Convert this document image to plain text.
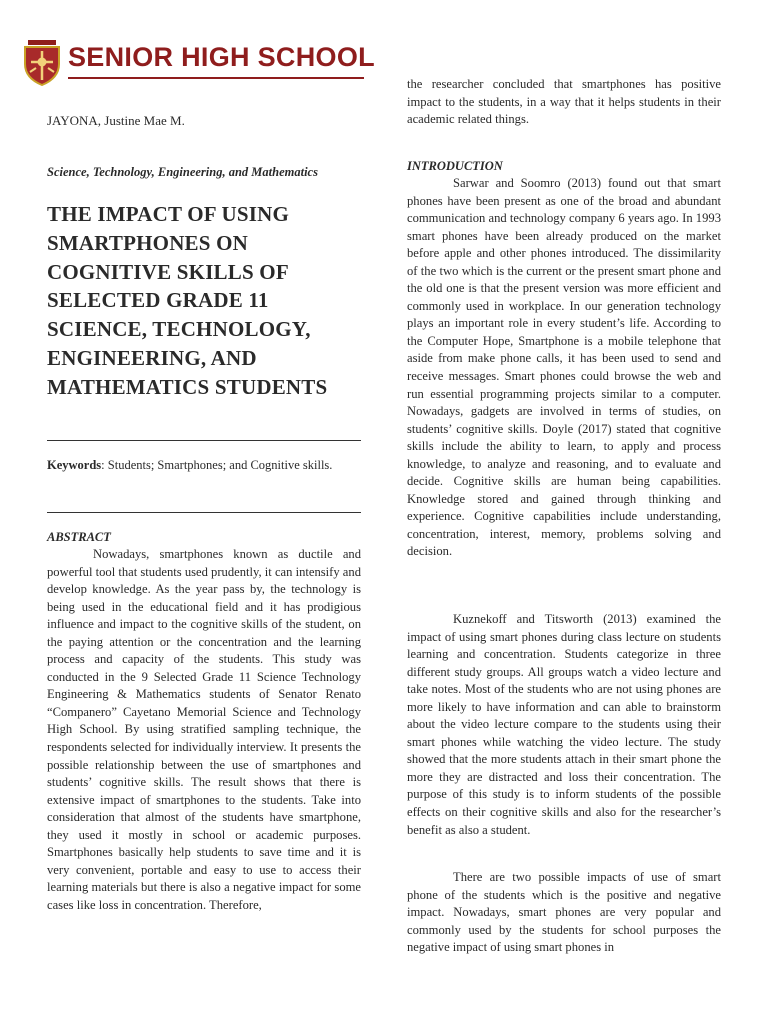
SENIOR HIGH SCHOOL
JAYONA, Justine Mae M.
Science, Technology, Engineering, and Mathematics
THE IMPACT OF USING
SMARTPHONES ON
COGNITIVE SKILLS OF
SELECTED GRADE 11
SCIENCE, TECHNOLOGY,
ENGINEERING, AND
MATHEMATICS STUDENTS
Keywords: Students; Smartphones; and Cognitive skills.
ABSTRACT

Nowadays, smartphones known as ductile and powerful tool that students used prudently, it can intensify and develop knowledge. As the year pass by, the technology is being used in the educational field and it has prodigious influence and impact to the cognitive skills of the student, on the paying attention or the concentration and the learning process and capacity of the students. This study was conducted in the 9 Selected Grade 11 Science Technology Engineering & Mathematics students of Senator Renato “Companero” Cayetano Memorial Science and Technology High School. By using stratified sampling technique, the respondents selected for individually interview. It presents the possible relationship between the use of smartphones and students’ cognitive skills. The result shows that there is extensive impact of smartphones to the students. Take into consideration that almost of the students have smartphone, they used it mostly in school or academic purposes. Smartphones basically help students to save time and it is very convenient, portable and easy to use to access their learning materials but there is also a negative impact for some cases like loss in concentration. Therefore,

the researcher concluded that smartphones has positive impact to the students, in a way that it helps students in their academic related things.

INTRODUCTION

Sarwar and Soomro (2013) found out that smart phones have been present as one of the broad and abundant communication and technology company 6 years ago. In 1993 smart phones have been already produced on the market before apple and other phones introduced. The dissimilarity of the two which is the current or the present smart phone and the old one is that the present version was more efficient and commonly used in workplace. In our generation technology plays an important role in every student’s life. According to the Computer Hope, Smartphone is a mobile telephone that aside from make phone calls, it has been used to send and receive messages. Smart phones could browse the web and run essential programming projects similar to a computer. Nowadays, gadgets are involved in terms of studies, on students’ cognitive skills. Doyle (2017) stated that cognitive skills include the ability to learn, to apply and process knowledge, to analyze and reasoning, and to evaluate and decide. Cognitive skills are human being capabilities. Knowledge stored and gained through thinking and experience. Cognitive capabilities include understanding, concentration, interest, memory, problems solving and decision.

Kuznekoff and Titsworth (2013) examined the impact of using smart phones during class lecture on students learning and concentration. Students categorize in three different study groups. All groups watch a video lecture and take notes. Most of the students who are not using phones are more likely to have information and can able to brainstorm about the video lecture compare to the students using their smart phones while watching the video lecture. The study showed that the more students attach in their smart phone the more they are distracted and loss their concentration. The purpose of this study is to inform students of the possible effects on their cognitive skills and also for the researcher’s benefit as also a student.

There are two possible impacts of use of smart phone of the students which is the positive and negative impact. Nowadays, smart phones are very popular and commonly used by the students for school purposes the negative impact of using smart phones in
